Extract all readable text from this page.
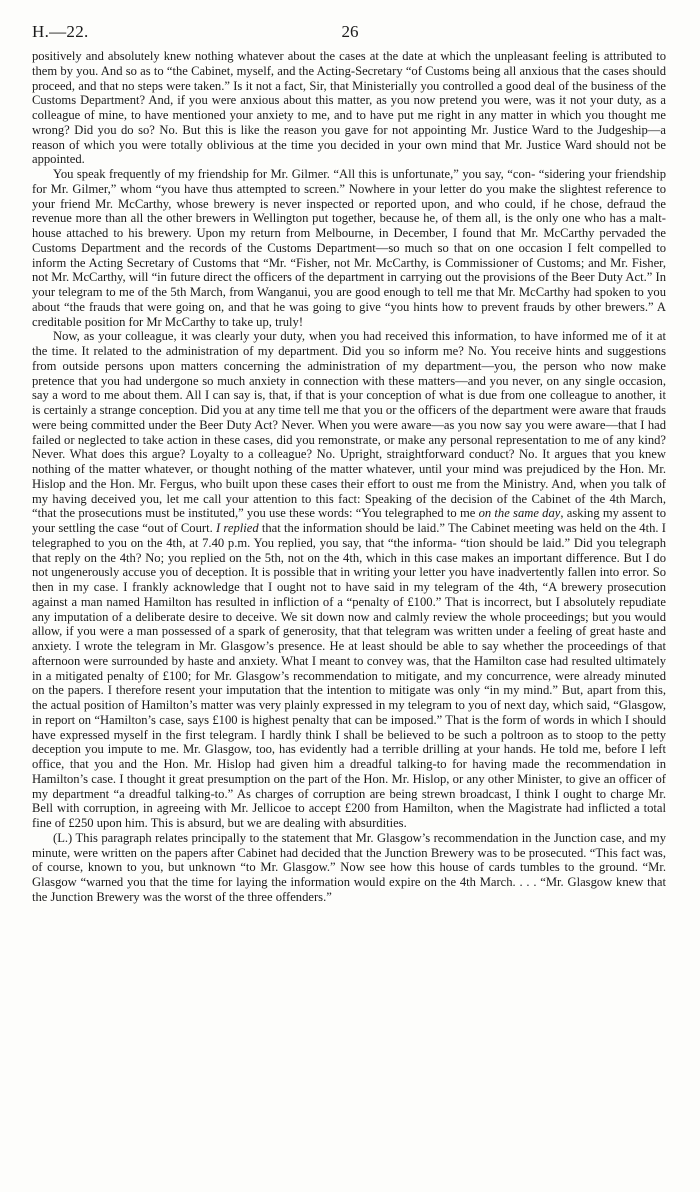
26
H.—22.

positively and absolutely knew nothing whatever about the cases at the date at which the unpleasant feeling is attributed to them by you. And so as to “the Cabinet, myself, and the Acting-Secretary “of Customs being all anxious that the cases should proceed, and that no steps were taken.” Is it not a fact, Sir, that Ministerially you controlled a good deal of the business of the Customs Department? And, if you were anxious about this matter, as you now pretend you were, was it not your duty, as a colleague of mine, to have mentioned your anxiety to me, and to have put me right in any matter in which you thought me wrong? Did you do so? No. But this is like the reason you gave for not appointing Mr. Justice Ward to the Judgeship—a reason of which you were totally oblivious at the time you decided in your own mind that Mr. Justice Ward should not be appointed.

You speak frequently of my friendship for Mr. Gilmer. “All this is unfortunate,” you say, “con- “sidering your friendship for Mr. Gilmer,” whom “you have thus attempted to screen.” Nowhere in your letter do you make the slightest reference to your friend Mr. McCarthy, whose brewery is never inspected or reported upon, and who could, if he chose, defraud the revenue more than all the other brewers in Wellington put together, because he, of them all, is the only one who has a malt-house attached to his brewery. Upon my return from Melbourne, in December, I found that Mr. McCarthy pervaded the Customs Department and the records of the Customs Department—so much so that on one occasion I felt compelled to inform the Acting Secretary of Customs that “Mr. “Fisher, not Mr. McCarthy, is Commissioner of Customs; and Mr. Fisher, not Mr. McCarthy, will “in future direct the officers of the department in carrying out the provisions of the Beer Duty Act.” In your telegram to me of the 5th March, from Wanganui, you are good enough to tell me that Mr. McCarthy had spoken to you about “the frauds that were going on, and that he was going to give “you hints how to prevent frauds by other brewers.” A creditable position for Mr McCarthy to take up, truly!

Now, as your colleague, it was clearly your duty, when you had received this information, to have informed me of it at the time. It related to the administration of my department. Did you so inform me? No. You receive hints and suggestions from outside persons upon matters concerning the administration of my department—you, the person who now make pretence that you had undergone so much anxiety in connection with these matters—and you never, on any single occasion, say a word to me about them. All I can say is, that, if that is your conception of what is due from one colleague to another, it is certainly a strange conception. Did you at any time tell me that you or the officers of the department were aware that frauds were being committed under the Beer Duty Act? Never. When you were aware—as you now say you were aware—that I had failed or neglected to take action in these cases, did you remonstrate, or make any personal representation to me of any kind? Never. What does this argue? Loyalty to a colleague? No. Upright, straightforward conduct? No. It argues that you knew nothing of the matter whatever, or thought nothing of the matter whatever, until your mind was prejudiced by the Hon. Mr. Hislop and the Hon. Mr. Fergus, who built upon these cases their effort to oust me from the Ministry. And, when you talk of my having deceived you, let me call your attention to this fact: Speaking of the decision of the Cabinet of the 4th March, “that the prosecutions must be instituted,” you use these words: “You telegraphed to me on the same day, asking my assent to your settling the case “out of Court. I replied that the information should be laid.” The Cabinet meeting was held on the 4th. I telegraphed to you on the 4th, at 7.40 p.m. You replied, you say, that “the informa- “tion should be laid.” Did you telegraph that reply on the 4th? No; you replied on the 5th, not on the 4th, which in this case makes an important difference. But I do not ungenerously accuse you of deception. It is possible that in writing your letter you have inadvertently fallen into error. So then in my case. I frankly acknowledge that I ought not to have said in my telegram of the 4th, “A brewery prosecution against a man named Hamilton has resulted in infliction of a “penalty of £100.” That is incorrect, but I absolutely repudiate any imputation of a deliberate desire to deceive. We sit down now and calmly review the whole proceedings; but you would allow, if you were a man possessed of a spark of generosity, that that telegram was written under a feeling of great haste and anxiety. I wrote the telegram in Mr. Glasgow’s presence. He at least should be able to say whether the proceedings of that afternoon were surrounded by haste and anxiety. What I meant to convey was, that the Hamilton case had resulted ultimately in a mitigated penalty of £100; for Mr. Glasgow’s recommendation to mitigate, and my concurrence, were already minuted on the papers. I therefore resent your imputation that the intention to mitigate was only “in my mind.” But, apart from this, the actual position of Hamilton’s matter was very plainly expressed in my telegram to you of next day, which said, “Glasgow, in report on “Hamilton’s case, says £100 is highest penalty that can be imposed.” That is the form of words in which I should have expressed myself in the first telegram. I hardly think I shall be believed to be such a poltroon as to stoop to the petty deception you impute to me. Mr. Glasgow, too, has evidently had a terrible drilling at your hands. He told me, before I left office, that you and the Hon. Mr. Hislop had given him a dreadful talking-to for having made the recommendation in Hamilton’s case. I thought it great presumption on the part of the Hon. Mr. Hislop, or any other Minister, to give an officer of my department “a dreadful talking-to.” As charges of corruption are being strewn broadcast, I think I ought to charge Mr. Bell with corruption, in agreeing with Mr. Jellicoe to accept £200 from Hamilton, when the Magistrate had inflicted a total fine of £250 upon him. This is absurd, but we are dealing with absurdities.

(L.) This paragraph relates principally to the statement that Mr. Glasgow’s recommendation in the Junction case, and my minute, were written on the papers after Cabinet had decided that the Junction Brewery was to be prosecuted. “This fact was, of course, known to you, but unknown “to Mr. Glasgow.” Now see how this house of cards tumbles to the ground. “Mr. Glasgow “warned you that the time for laying the information would expire on the 4th March. . . . “Mr. Glasgow knew that the Junction Brewery was the worst of the three offenders.”
